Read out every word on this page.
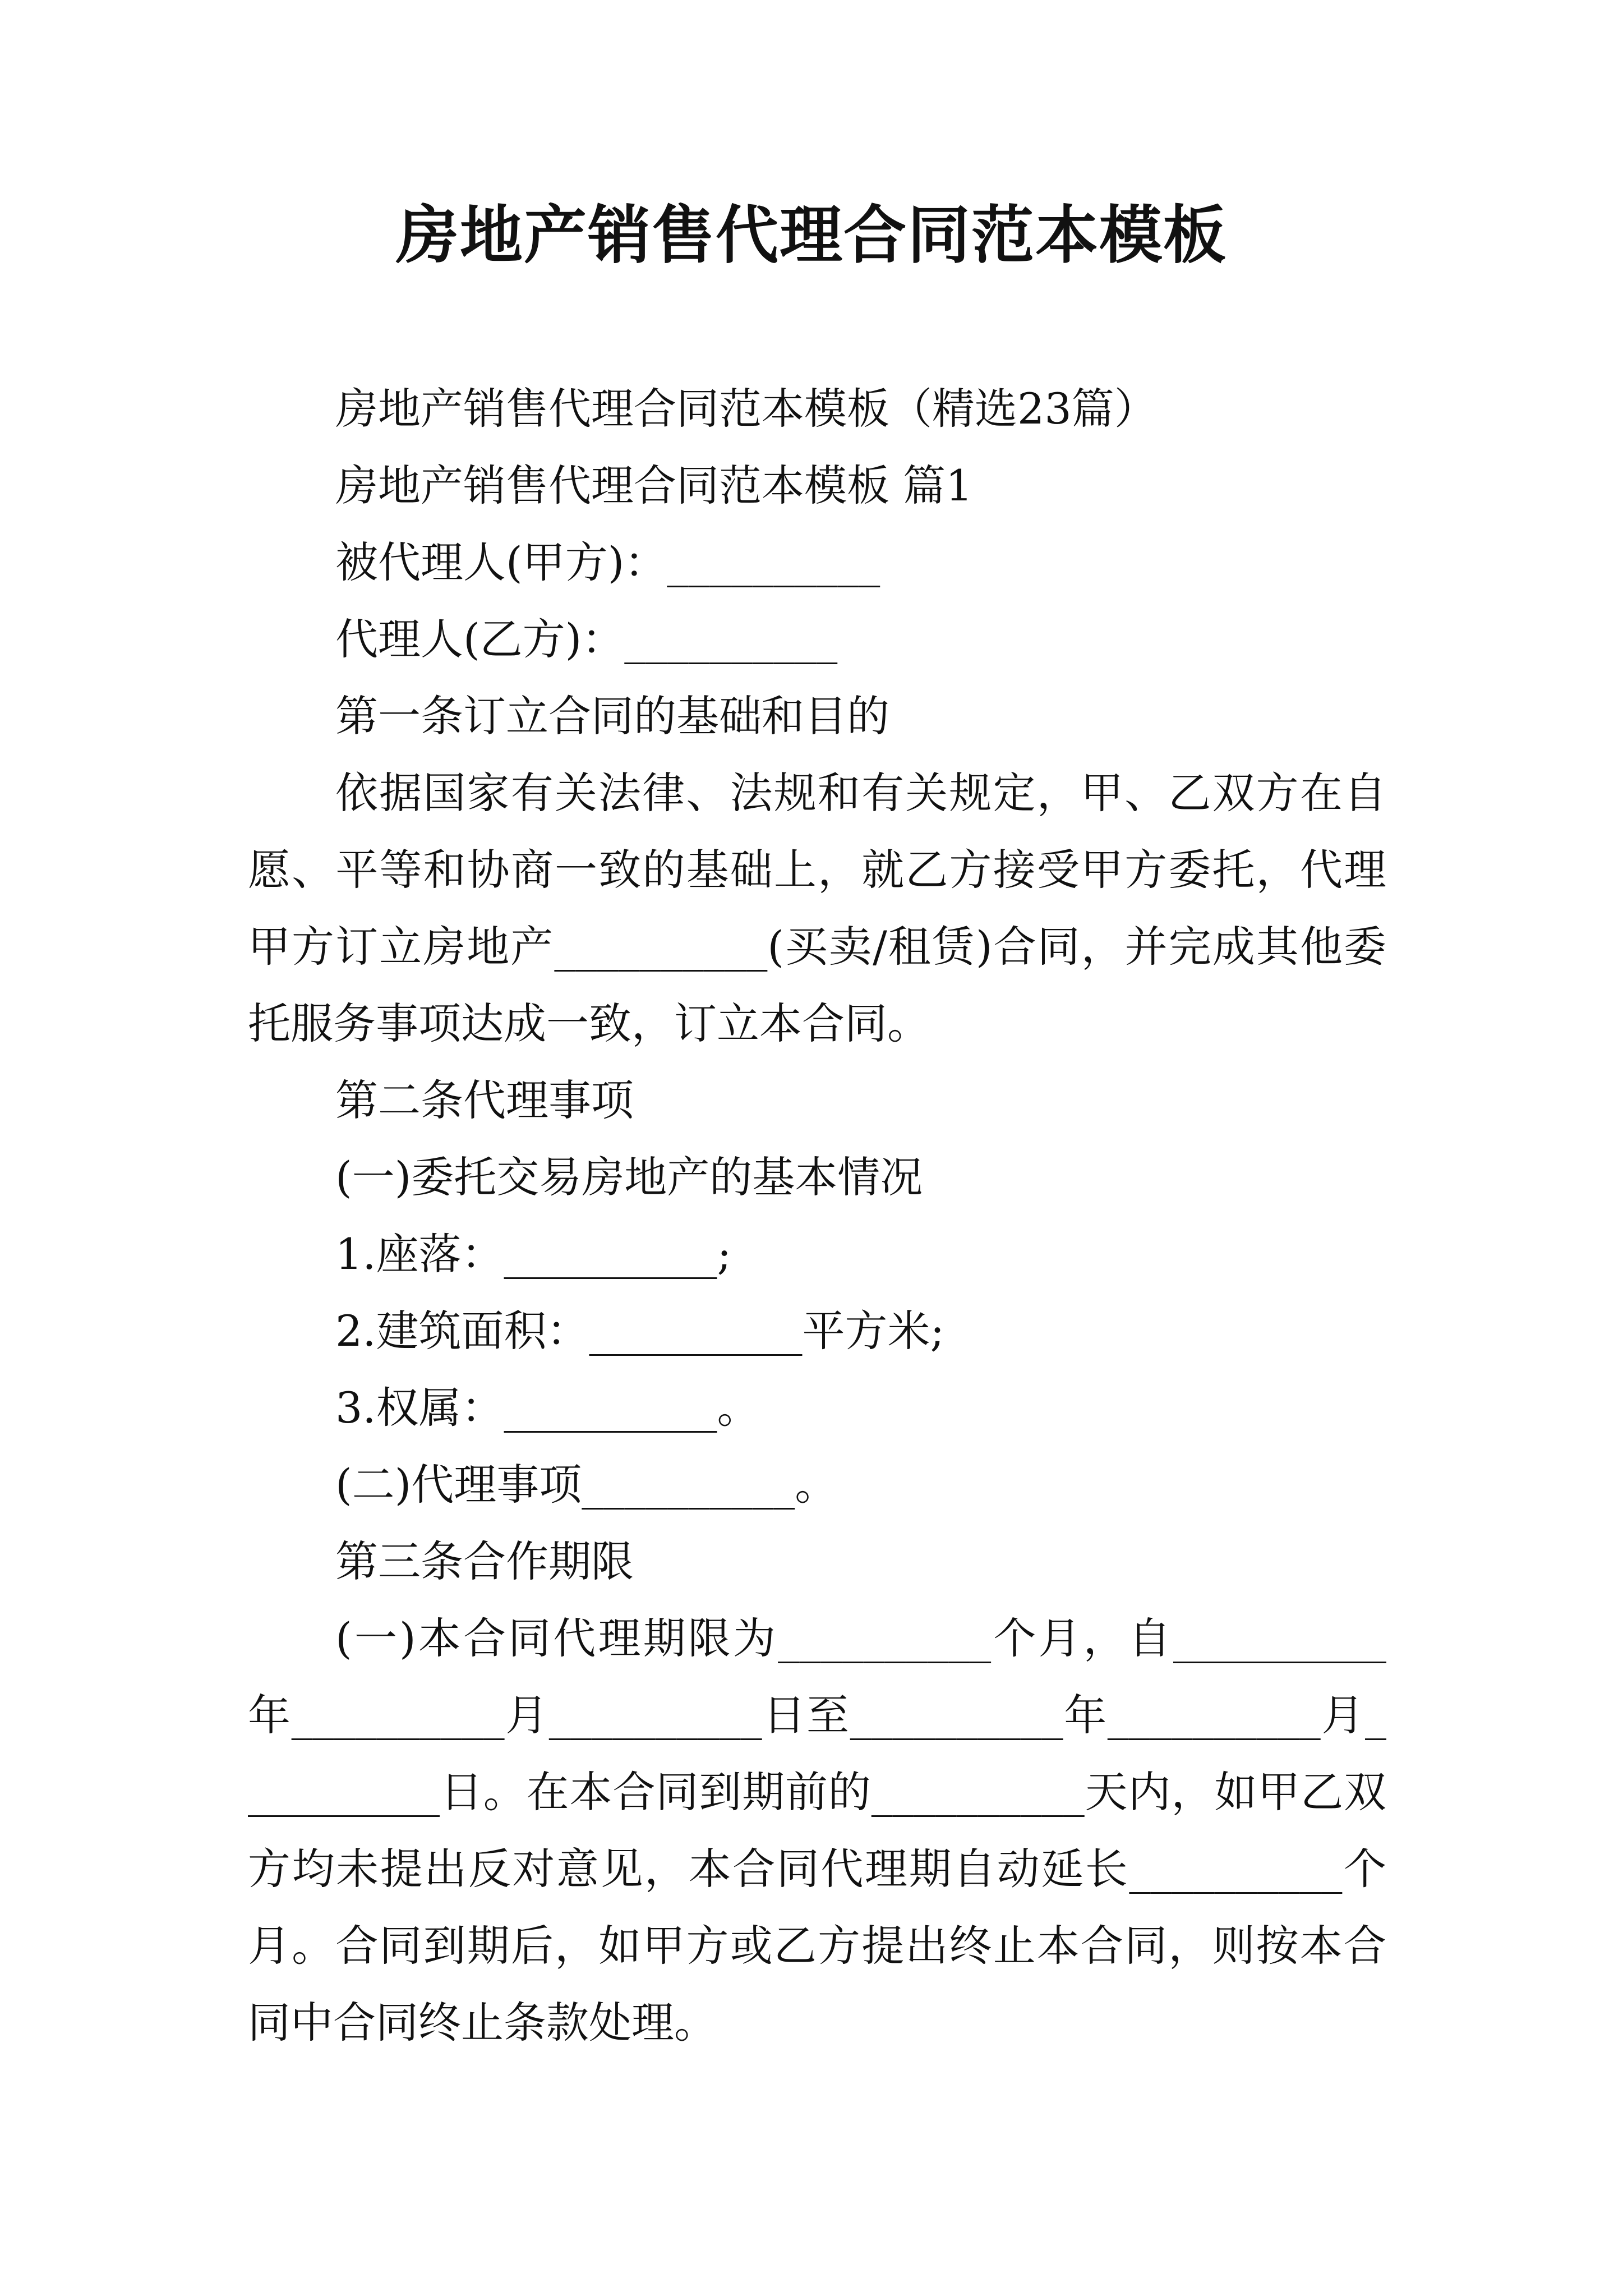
房地产销售代理合同范本模板

房地产销售代理合同范本模板（精选23篇）

房地产销售代理合同范本模板 篇1

被代理人(甲方)：__________

代理人(乙方)：__________

第一条订立合同的基础和目的

依据国家有关法律、法规和有关规定，甲、乙双方在自愿、平等和协商一致的基础上，就乙方接受甲方委托，代理甲方订立房地产__________(买卖/租赁)合同，并完成其他委托服务事项达成一致，订立本合同。

第二条代理事项

(一)委托交易房地产的基本情况

1.座落：__________;

2.建筑面积：__________平方米;

3.权属：__________。

(二)代理事项__________。

第三条合作期限

(一)本合同代理期限为__________个月，自__________年__________月__________日至__________年__________月__________日。在本合同到期前的__________天内，如甲乙双方均未提出反对意见，本合同代理期自动延长__________个月。合同到期后，如甲方或乙方提出终止本合同，则按本合同中合同终止条款处理。
